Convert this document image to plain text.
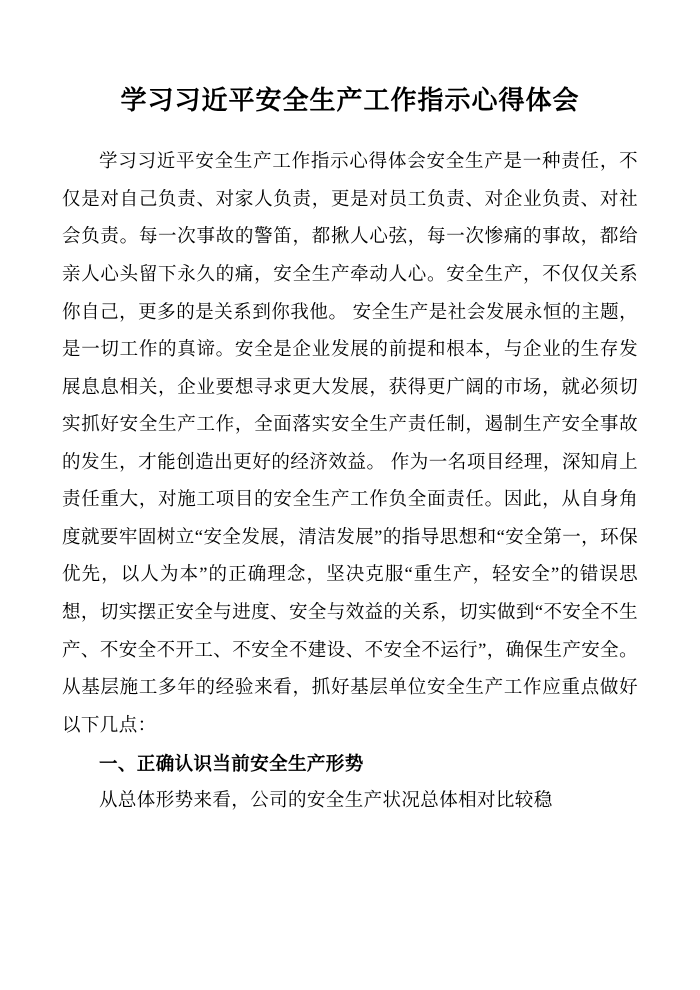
学习习近平安全生产工作指示心得体会

学习习近平安全生产工作指示心得体会安全生产是一种责任，不仅是对自己负责、对家人负责，更是对员工负责、对企业负责、对社会负责。每一次事故的警笛，都揪人心弦，每一次惨痛的事故，都给亲人心头留下永久的痛，安全生产牵动人心。安全生产，不仅仅关系你自己，更多的是关系到你我他。 安全生产是社会发展永恒的主题，是一切工作的真谛。安全是企业发展的前提和根本，与企业的生存发展息息相关，企业要想寻求更大发展，获得更广阔的市场，就必须切实抓好安全生产工作，全面落实安全生产责任制，遏制生产安全事故的发生，才能创造出更好的经济效益。 作为一名项目经理，深知肩上责任重大，对施工项目的安全生产工作负全面责任。因此，从自身角度就要牢固树立“安全发展，清洁发展”的指导思想和“安全第一，环保优先，以人为本”的正确理念，坚决克服“重生产，轻安全”的错误思想，切实摆正安全与进度、安全与效益的关系，切实做到“不安全不生产、不安全不开工、不安全不建设、不安全不运行”，确保生产安全。 从基层施工多年的经验来看，抓好基层单位安全生产工作应重点做好以下几点：

一、正确认识当前安全生产形势

从总体形势来看，公司的安全生产状况总体相对比较稳
